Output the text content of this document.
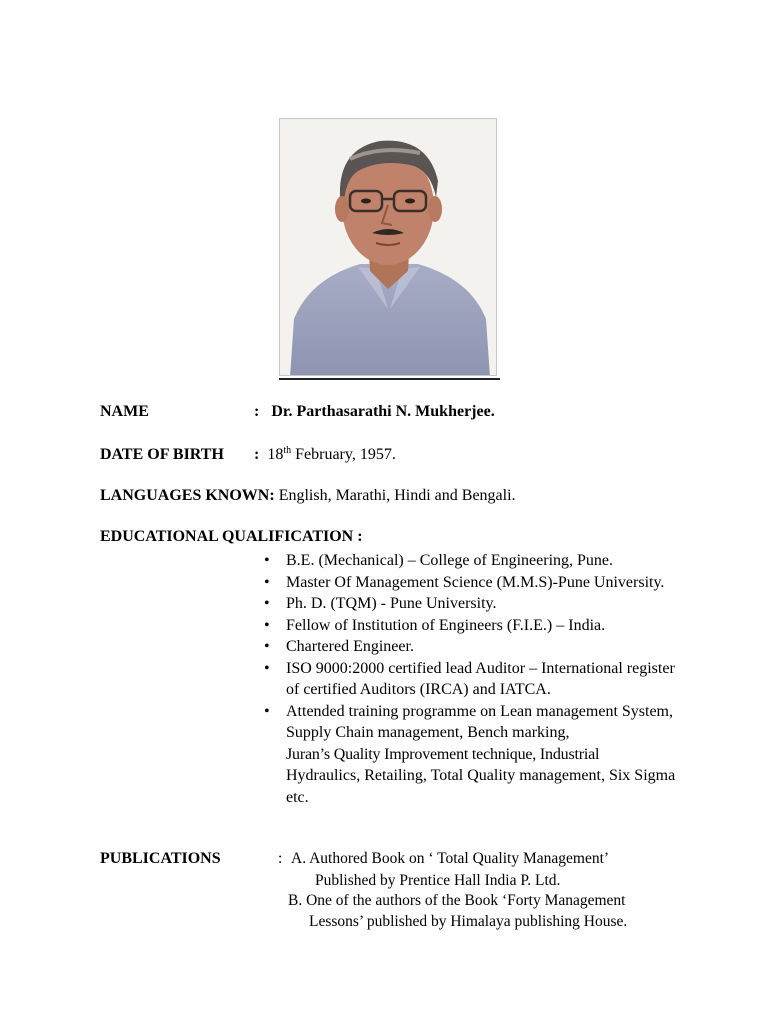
NAME	: Dr. Parthasarathi N. Mukherjee.
DATE OF BIRTH : 18th February, 1957.
LANGUAGES KNOWN: English, Marathi, Hindi and Bengali.
EDUCATIONAL QUALIFICATION :
• B.E. (Mechanical) – College of Engineering, Pune.
• Master Of Management Science (M.M.S)-Pune University.
• Ph. D. (TQM) - Pune University.
• Fellow of Institution of Engineers (F.I.E.) – India.
• Chartered Engineer.
• ISO 9000:2000 certified lead Auditor – International register of certified Auditors (IRCA) and IATCA.
• Attended training programme on Lean management System, Supply Chain management, Bench marking,
Juran’s Quality Improvement technique, Industrial
Hydraulics, Retailing, Total Quality management, Six Sigma etc.
PUBLICATIONS	: A. Authored Book on ‘ Total Quality Management’
Published by Prentice Hall India P. Ltd.
B. One of the authors of the Book ‘Forty Management
Lessons’ published by Himalaya publishing House.
